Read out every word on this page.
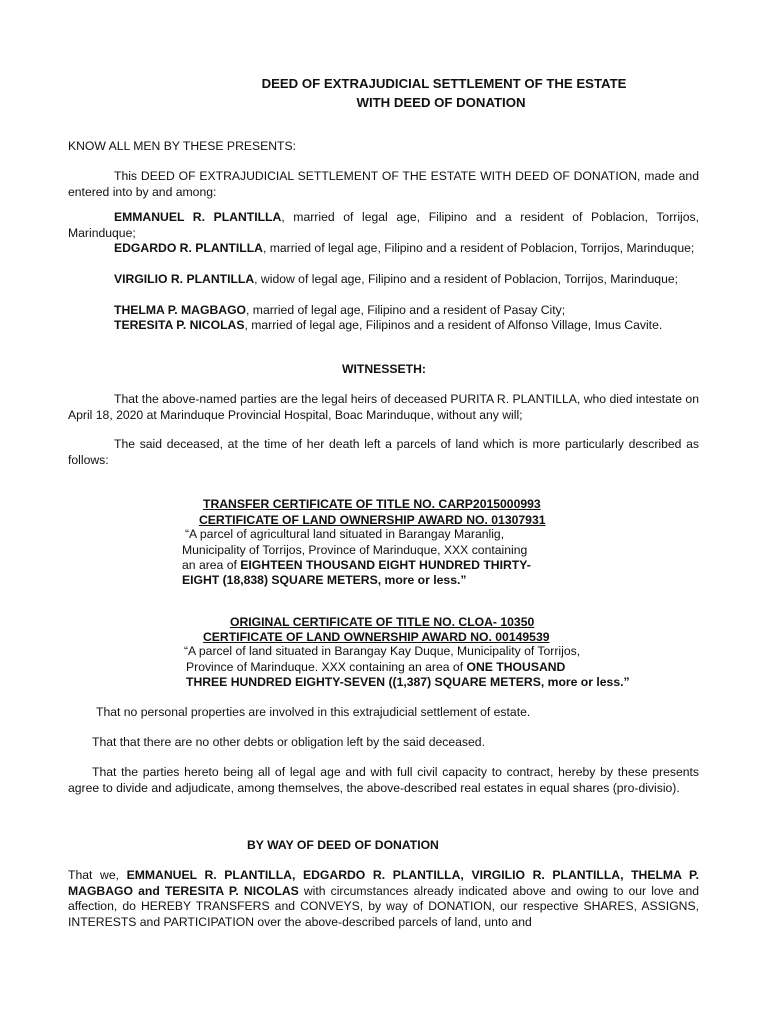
DEED OF EXTRAJUDICIAL SETTLEMENT OF THE ESTATE
WITH DEED OF DONATION

KNOW ALL MEN BY THESE PRESENTS:

This DEED OF EXTRAJUDICIAL SETTLEMENT OF THE ESTATE WITH DEED OF DONATION, made and entered into by and among:

EMMANUEL R. PLANTILLA, married of legal age, Filipino and a resident of Poblacion, Torrijos, Marinduque;

EDGARDO R. PLANTILLA, married of legal age, Filipino and a resident of Poblacion, Torrijos, Marinduque;

VIRGILIO R. PLANTILLA, widow of legal age, Filipino and a resident of Poblacion, Torrijos, Marinduque;

THELMA P. MAGBAGO, married of legal age, Filipino and a resident of Pasay City;

TERESITA P. NICOLAS, married of legal age, Filipinos and a resident of Alfonso Village, Imus Cavite.

WITNESSETH:

That the above-named parties are the legal heirs of deceased PURITA R. PLANTILLA, who died intestate on April 18, 2020 at Marinduque Provincial Hospital, Boac Marinduque, without any will;

The said deceased, at the time of her death left a parcels of land which is more particularly described as follows:

TRANSFER CERTIFICATE OF TITLE NO. CARP2015000993
CERTIFICATE OF LAND OWNERSHIP AWARD NO. 01307931
“A parcel of agricultural land situated in Barangay Maranlig,
Municipality of Torrijos, Province of Marinduque, XXX containing
an area of EIGHTEEN THOUSAND EIGHT HUNDRED THIRTY-
EIGHT (18,838) SQUARE METERS, more or less.”
ORIGINAL CERTIFICATE OF TITLE NO. CLOA- 10350
CERTIFICATE OF LAND OWNERSHIP AWARD NO. 00149539
“A parcel of land situated in Barangay Kay Duque, Municipality of Torrijos,
Province of Marinduque. XXX containing an area of ONE THOUSAND
THREE HUNDRED EIGHTY-SEVEN ((1,387) SQUARE METERS, more or less.”
That no personal properties are involved in this extrajudicial settlement of estate.
That that there are no other debts or obligation left by the said deceased.

That the parties hereto being all of legal age and with full civil capacity to contract, hereby by these presents agree to divide and adjudicate, among themselves, the above-described real estates in equal shares (pro-divisio).

BY WAY OF DEED OF DONATION

That we, EMMANUEL R. PLANTILLA, EDGARDO R. PLANTILLA, VIRGILIO R. PLANTILLA, THELMA P. MAGBAGO and TERESITA P. NICOLAS with circumstances already indicated above and owing to our love and affection, do HEREBY TRANSFERS and CONVEYS, by way of DONATION, our respective SHARES, ASSIGNS, INTERESTS and PARTICIPATION over the above-described parcels of land, unto and
